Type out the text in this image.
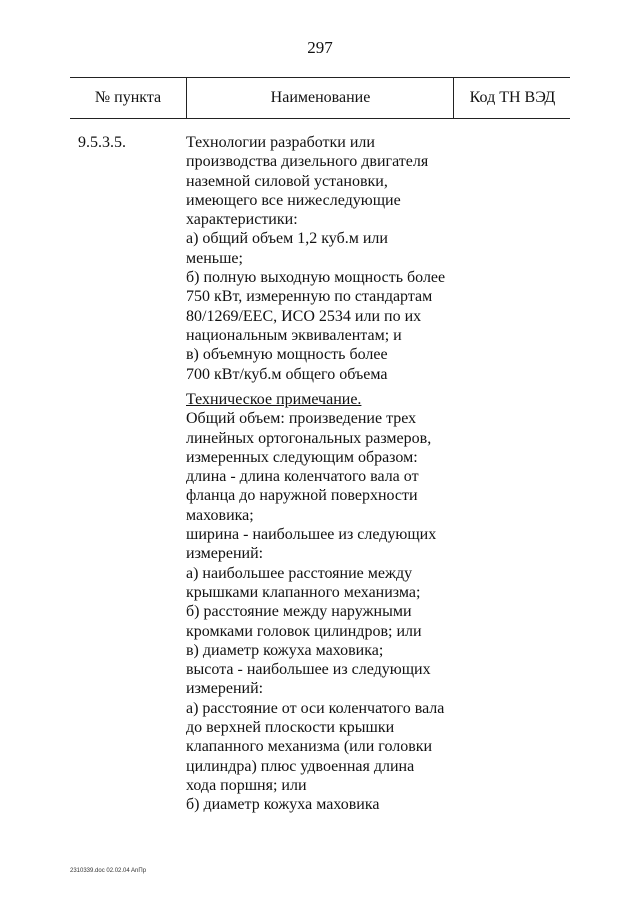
297
№ пункта	Наименование	Код ТН ВЭД
9.5.3.5.	Технологии разработки или
производства дизельного двигателя
наземной силовой установки,
имеющего все нижеследующие
характеристики:
а) общий объем 1,2 куб.м или
меньше;
б) полную выходную мощность более
750 кВт, измеренную по стандартам
80/1269/ЕЕС, ИСО 2534 или по их
национальным эквивалентам; и
в) объемную мощность более
700 кВт/куб.м общего объема
Техническое примечание.
Общий объем: произведение трех
линейных ортогональных размеров,
измеренных следующим образом:
длина - длина коленчатого вала от
фланца до наружной поверхности
маховика;
ширина - наибольшее из следующих
измерений:
а) наибольшее расстояние между
крышками клапанного механизма;
б) расстояние между наружными
кромками головок цилиндров; или
в) диаметр кожуха маховика;
высота - наибольшее из следующих
измерений:
а) расстояние от оси коленчатого вала
до верхней плоскости крышки
клапанного механизма (или головки
цилиндра) плюс удвоенная длина
хода поршня; или
б) диаметр кожуха маховика
2310339.doc 02.02.04 AnПр
